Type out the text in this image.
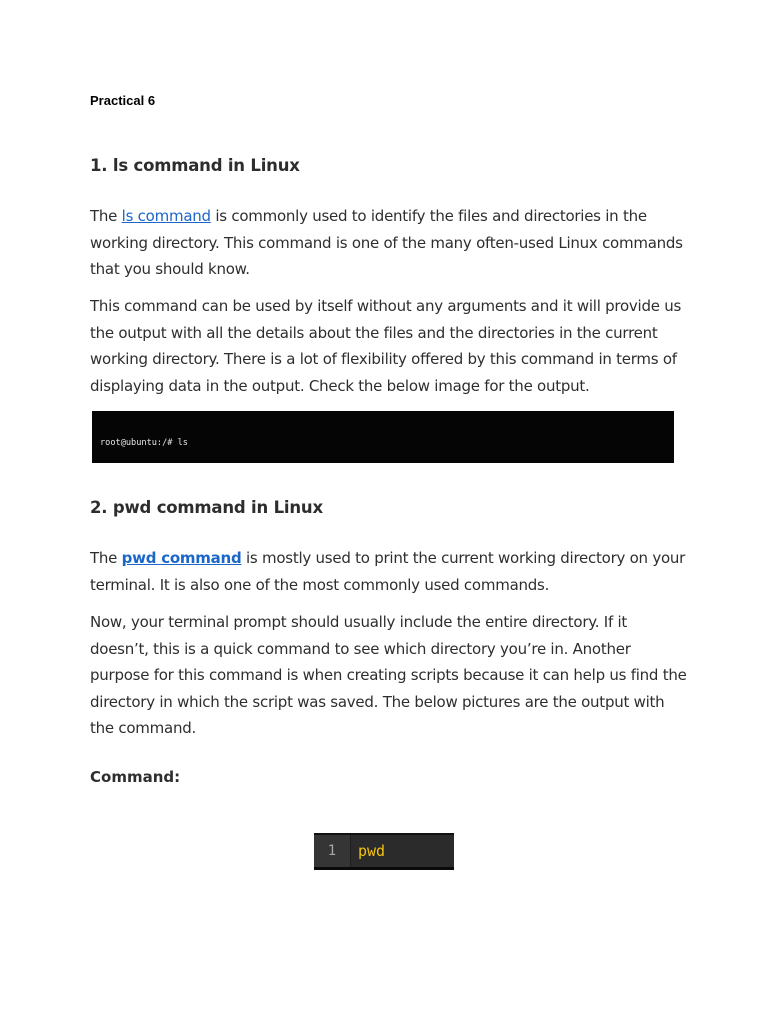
Practical 6
1. ls command in Linux

The ls command is commonly used to identify the files and directories in the working directory. This command is one of the many often-used Linux commands that you should know.

This command can be used by itself without any arguments and it will provide us the output with all the details about the files and the directories in the current working directory. There is a lot of flexibility offered by this command in terms of displaying data in the output. Check the below image for the output.

root@ubuntu:/# ls

2. pwd command in Linux

The pwd command is mostly used to print the current working directory on your terminal. It is also one of the most commonly used commands.

Now, your terminal prompt should usually include the entire directory. If it doesn’t, this is a quick command to see which directory you’re in. Another purpose for this command is when creating scripts because it can help us find the directory in which the script was saved. The below pictures are the output with the command.

Command:
1	pwd
